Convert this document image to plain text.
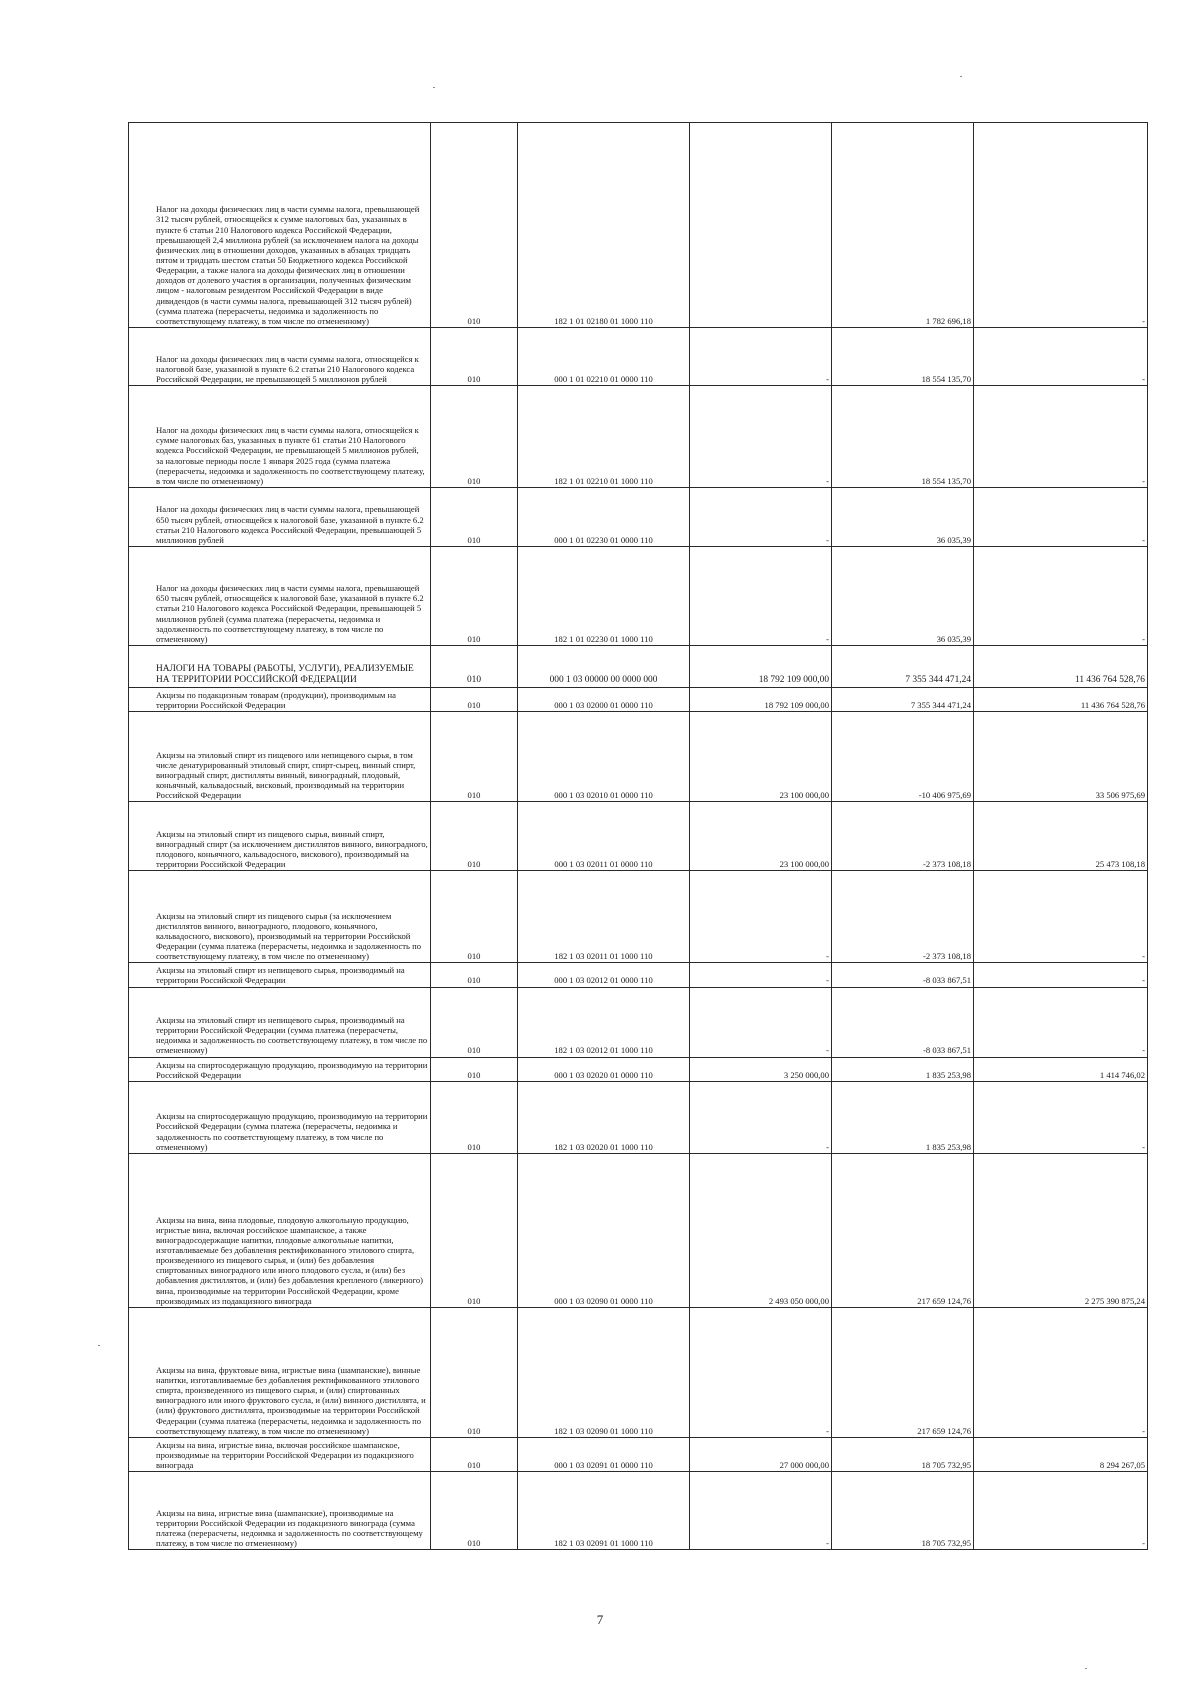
Налог на доходы физических лиц в части суммы налога, превышающей 312 тысяч рублей, относящейся к сумме налоговых баз, указанных в пункте 6 статьи 210 Налогового кодекса Российской Федерации, превышающей 2,4 миллиона рублей (за исключением налога на доходы физических лиц в отношении доходов, указанных в абзацах тридцать пятом и тридцать шестом статьи 50 Бюджетного кодекса Российской Федерации, а также налога на доходы физических лиц в отношении доходов от долевого участия в организации, полученных физическим лицом - налоговым резидентом Российской Федерации в виде дивидендов (в части суммы налога, превышающей 312 тысяч рублей) (сумма платежа (перерасчеты, недоимка и задолженность по соответствующему платежу, в том числе по отмененному)	010	182 1 01 02180 01 1000 110		1 782 696,18	-
Налог на доходы физических лиц в части суммы налога, относящейся к налоговой базе, указанной в пункте 6.2 статьи 210 Налогового кодекса Российской Федерации, не превышающей 5 миллионов рублей	010	000 1 01 02210 01 0000 110	-	18 554 135,70	-
Налог на доходы физических лиц в части суммы налога, относящейся к сумме налоговых баз, указанных в пункте 61 статьи 210 Налогового кодекса Российской Федерации, не превышающей 5 миллионов рублей, за налоговые периоды после 1 января 2025 года (сумма платежа (перерасчеты, недоимка и задолженность по соответствующему платежу, в том числе по отмененному)	010	182 1 01 02210 01 1000 110	-	18 554 135,70	-
Налог на доходы физических лиц в части суммы налога, превышающей 650 тысяч рублей, относящейся к налоговой базе, указанной в пункте 6.2 статьи 210 Налогового кодекса Российской Федерации, превышающей 5 миллионов рублей	010	000 1 01 02230 01 0000 110	-	36 035,39	-
Налог на доходы физических лиц в части суммы налога, превышающей 650 тысяч рублей, относящейся к налоговой базе, указанной в пункте 6.2 статьи 210 Налогового кодекса Российской Федерации, превышающей 5 миллионов рублей (сумма платежа (перерасчеты, недоимка и задолженность по соответствующему платежу, в том числе по отмененному)	010	182 1 01 02230 01 1000 110	-	36 035,39	-
НАЛОГИ НА ТОВАРЫ (РАБОТЫ, УСЛУГИ), РЕАЛИЗУЕМЫЕ НА ТЕРРИТОРИИ РОССИЙСКОЙ ФЕДЕРАЦИИ	010	000 1 03 00000 00 0000 000	18 792 109 000,00	7 355 344 471,24	11 436 764 528,76
Акцизы по подакцизным товарам (продукции), производимым на территории Российской Федерации	010	000 1 03 02000 01 0000 110	18 792 109 000,00	7 355 344 471,24	11 436 764 528,76
Акцизы на этиловый спирт из пищевого или непищевого сырья, в том числе денатурированный этиловый спирт, спирт-сырец, винный спирт, виноградный спирт, дистилляты винный, виноградный, плодовый, коньячный, кальвадосный, висковый, производимый на территории Российской Федерации	010	000 1 03 02010 01 0000 110	23 100 000,00	-10 406 975,69	33 506 975,69
Акцизы на этиловый спирт из пищевого сырья, винный спирт, виноградный спирт (за исключением дистиллятов винного, виноградного, плодового, коньячного, кальвадосного, вискового), производимый на территории Российской Федерации	010	000 1 03 02011 01 0000 110	23 100 000,00	-2 373 108,18	25 473 108,18
Акцизы на этиловый спирт из пищевого сырья (за исключением дистиллятов винного, виноградного, плодового, коньячного, кальвадосного, вискового), производимый на территории Российской Федерации (сумма платежа (перерасчеты, недоимка и задолженность по соответствующему платежу, в том числе по отмененному)	010	182 1 03 02011 01 1000 110	-	-2 373 108,18	-
Акцизы на этиловый спирт из непищевого сырья, производимый на территории Российской Федерации	010	000 1 03 02012 01 0000 110	-	-8 033 867,51	-
Акцизы на этиловый спирт из непищевого сырья, производимый на территории Российской Федерации (сумма платежа (перерасчеты, недоимка и задолженность по соответствующему платежу, в том числе по отмененному)	010	182 1 03 02012 01 1000 110	-	-8 033 867,51	-
Акцизы на спиртосодержащую продукцию, производимую на территории Российской Федерации	010	000 1 03 02020 01 0000 110	3 250 000,00	1 835 253,98	1 414 746,02
Акцизы на спиртосодержащую продукцию, производимую на территории Российской Федерации (сумма платежа (перерасчеты, недоимка и задолженность по соответствующему платежу, в том числе по отмененному)	010	182 1 03 02020 01 1000 110	-	1 835 253,98	-
Акцизы на вина, вина плодовые, плодовую алкогольную продукцию, игристые вина, включая российское шампанское, а также виноградосодержащие напитки, плодовые алкогольные напитки, изготавливаемые без добавления ректификованного этилового спирта, произведенного из пищевого сырья, и (или) без добавления спиртованных виноградного или иного плодового сусла, и (или) без добавления дистиллятов, и (или) без добавления крепленого (ликерного) вина, производимые на территории Российской Федерации, кроме производимых из подакцизного винограда	010	000 1 03 02090 01 0000 110	2 493 050 000,00	217 659 124,76	2 275 390 875,24
Акцизы на вина, фруктовые вина, игристые вина (шампанские), винные напитки, изготавливаемые без добавления ректификованного этилового спирта, произведенного из пищевого сырья, и (или) спиртованных виноградного или иного фруктового сусла, и (или) винного дистиллята, и (или) фруктового дистиллята, производимые на территории Российской Федерации (сумма платежа (перерасчеты, недоимка и задолженность по соответствующему платежу, в том числе по отмененному)	010	182 1 03 02090 01 1000 110	-	217 659 124,76	-
Акцизы на вина, игристые вина, включая российское шампанское, производимые на территории Российской Федерации из подакцизного винограда	010	000 1 03 02091 01 0000 110	27 000 000,00	18 705 732,95	8 294 267,05
Акцизы на вина, игристые вина (шампанские), производимые на территории Российской Федерации из подакцизного винограда (сумма платежа (перерасчеты, недоимка и задолженность по соответствующему платежу, в том числе по отмененному)	010	182 1 03 02091 01 1000 110	-	18 705 732,95	-
7
